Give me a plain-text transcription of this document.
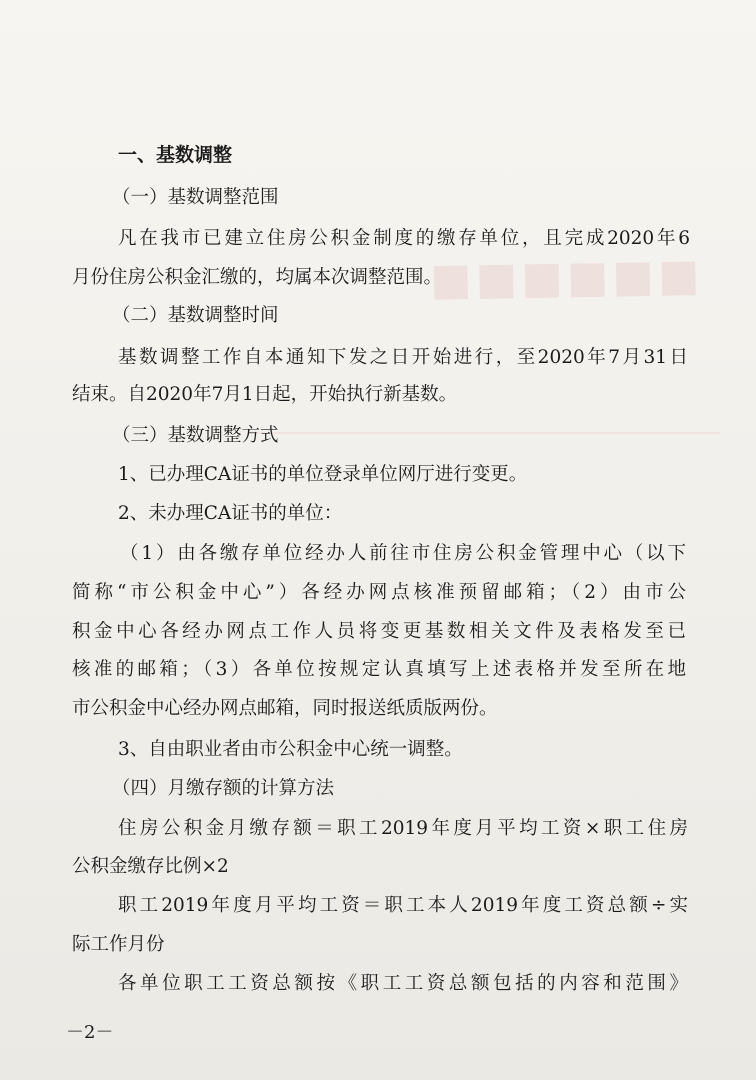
■■■■■■
一、基数调整
（一）基数调整范围
凡在我市已建立住房公积金制度的缴存单位，且完成2020年6
月份住房公积金汇缴的，均属本次调整范围。
（二）基数调整时间
基数调整工作自本通知下发之日开始进行，至2020年7月31日
结束。自2020年7月1日起，开始执行新基数。
（三）基数调整方式
1、已办理CA证书的单位登录单位网厅进行变更。
2、未办理CA证书的单位：
（1）由各缴存单位经办人前往市住房公积金管理中心（以下
简称“市公积金中心”）各经办网点核准预留邮箱；（2）由市公
积金中心各经办网点工作人员将变更基数相关文件及表格发至已
核准的邮箱；（3）各单位按规定认真填写上述表格并发至所在地
市公积金中心经办网点邮箱，同时报送纸质版两份。
3、自由职业者由市公积金中心统一调整。
（四）月缴存额的计算方法
住房公积金月缴存额＝职工2019年度月平均工资×职工住房
公积金缴存比例×2
职工2019年度月平均工资＝职工本人2019年度工资总额÷实
际工作月份
各单位职工工资总额按《职工工资总额包括的内容和范围》
－2－
